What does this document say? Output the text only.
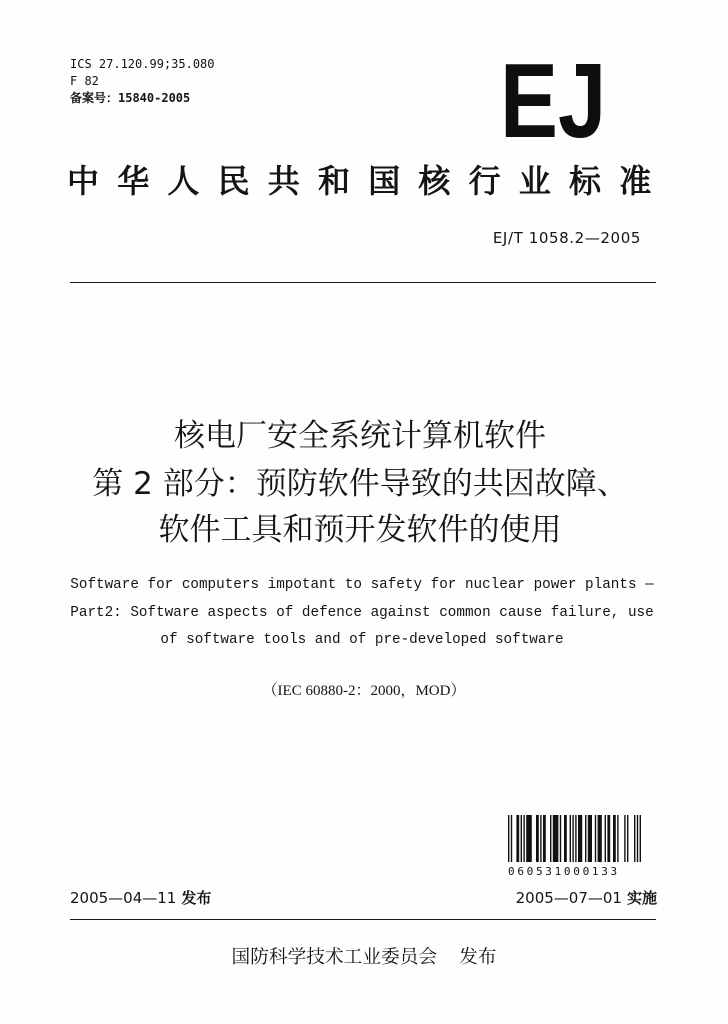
ICS 27.120.99;35.080
F 82
备案号：15840-2005	EJ
中华人民共和国核行业标准
EJ/T 1058.2—2005
核电厂安全系统计算机软件
第 2 部分：预防软件导致的共因故障、
软件工具和预开发软件的使用
Software for computers impotant to safety for nuclear power plants —
Part2: Software aspects of defence against common cause failure, use
of software tools and of pre-developed software
（IEC 60880-2：2000，MOD）
060531000133
2005—04—11 发布	2005—07—01 实施
国防科学技术工业委员会 发布
